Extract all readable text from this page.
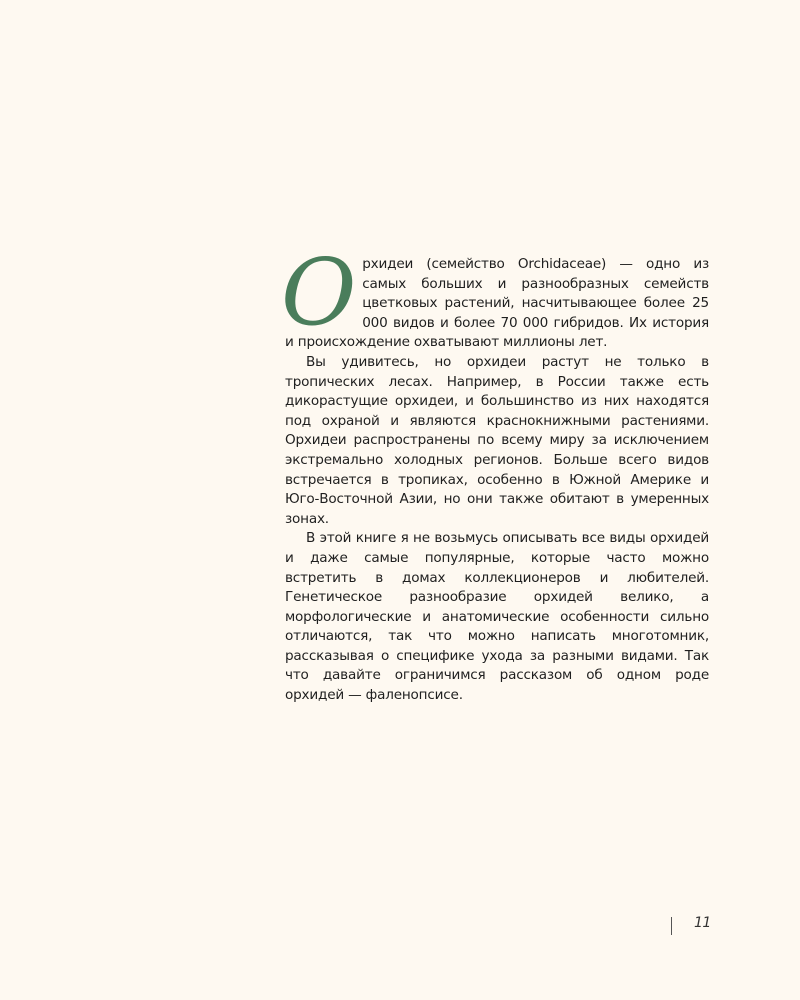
Орхидеи (семейство Orchidaceae) — одно из самых больших и разнообразных семейств цветковых растений, насчитывающее более 25 000 видов и более 70 000 гибридов. Их история и происхождение охватывают миллионы лет.

Вы удивитесь, но орхидеи растут не только в тропических лесах. Например, в России также есть дикорастущие орхидеи, и большинство из них находятся под охраной и являются краснокнижными растениями. Орхидеи распространены по всему миру за исключением экстремально холодных регионов. Больше всего видов встречается в тропиках, особенно в Южной Америке и Юго-Восточной Азии, но они также обитают в умеренных зонах.

В этой книге я не возьмусь описывать все виды орхидей и даже самые популярные, которые часто можно встретить в домах коллекционеров и любителей. Генетическое разнообразие орхидей велико, а морфологические и анатомические особенности сильно отличаются, так что можно написать многотомник, рассказывая о специфике ухода за разными видами. Так что давайте ограничимся рассказом об одном роде орхидей — фаленопсисе.

11
